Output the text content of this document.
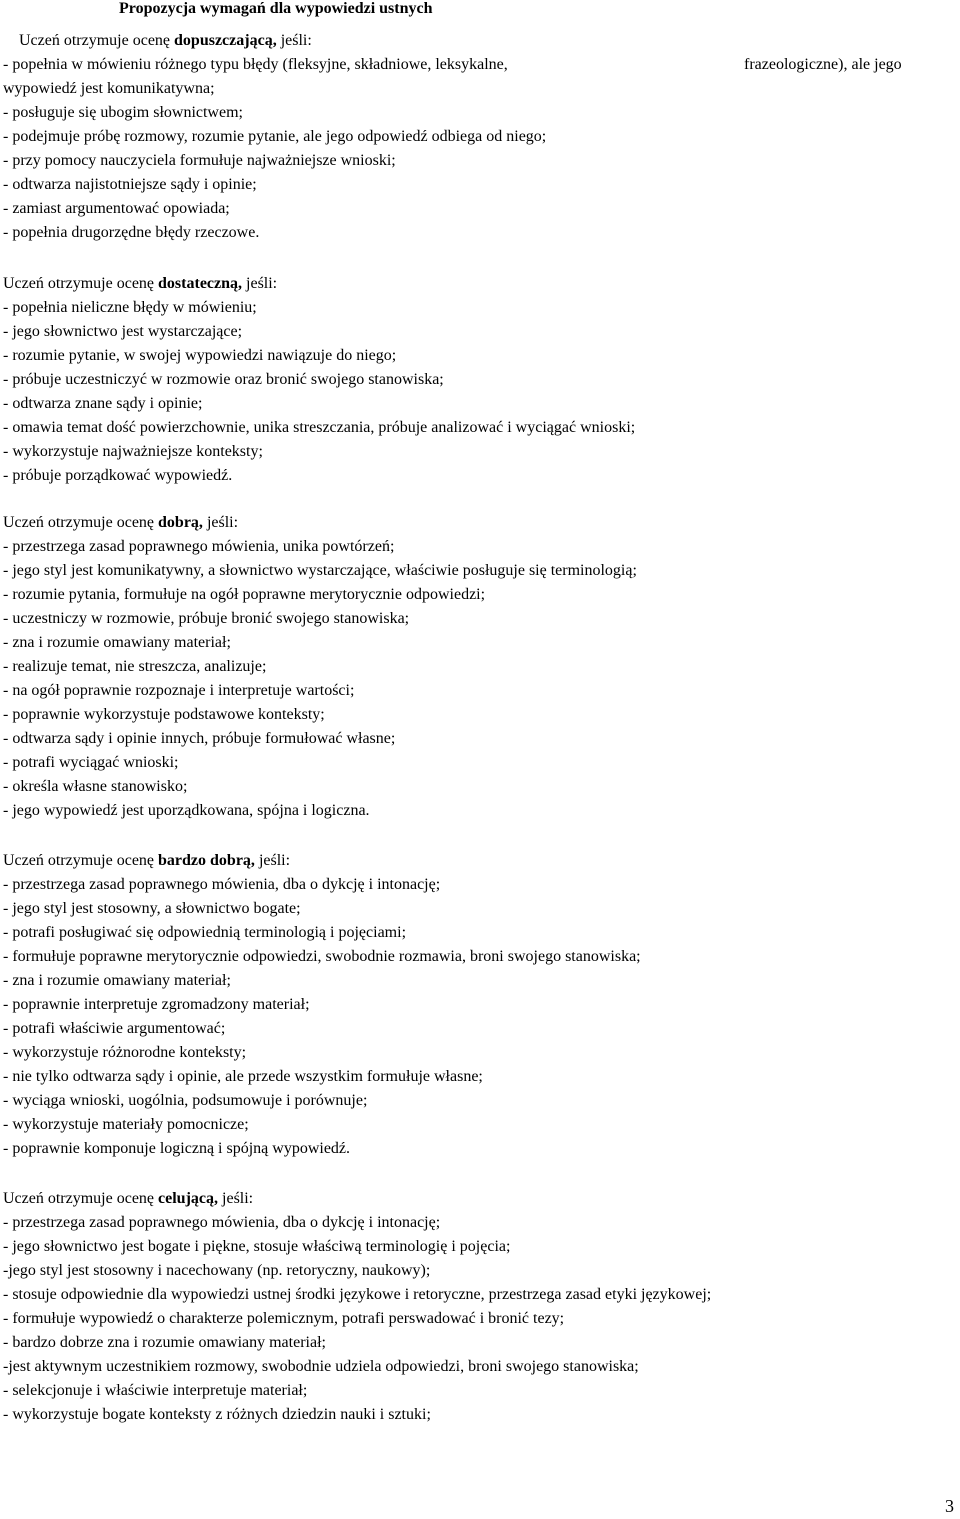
Propozycja wymagań dla wypowiedzi ustnych
Uczeń otrzymuje ocenę dopuszczającą, jeśli:
- popełnia w mówieniu różnego typu błędy (fleksyjne, składniowe, leksykalne,	frazeologiczne), ale jego
wypowiedź jest komunikatywna;
- posługuje się ubogim słownictwem;
- podejmuje próbę rozmowy, rozumie pytanie, ale jego odpowiedź odbiega od niego;
- przy pomocy nauczyciela formułuje najważniejsze wnioski;
- odtwarza najistotniejsze sądy i opinie;
- zamiast argumentować opowiada;
- popełnia drugorzędne błędy rzeczowe.
Uczeń otrzymuje ocenę dostateczną, jeśli:
- popełnia nieliczne błędy w mówieniu;
- jego słownictwo jest wystarczające;
- rozumie pytanie, w swojej wypowiedzi nawiązuje do niego;
- próbuje uczestniczyć w rozmowie oraz bronić swojego stanowiska;
- odtwarza znane sądy i opinie;
- omawia temat dość powierzchownie, unika streszczania, próbuje analizować i wyciągać wnioski;
- wykorzystuje najważniejsze konteksty;
- próbuje porządkować wypowiedź.
Uczeń otrzymuje ocenę dobrą, jeśli:
- przestrzega zasad poprawnego mówienia, unika powtórzeń;
- jego styl jest komunikatywny, a słownictwo wystarczające, właściwie posługuje się terminologią;
- rozumie pytania, formułuje na ogół poprawne merytorycznie odpowiedzi;
- uczestniczy w rozmowie, próbuje bronić swojego stanowiska;
- zna i rozumie omawiany materiał;
- realizuje temat, nie streszcza, analizuje;
- na ogół poprawnie rozpoznaje i interpretuje wartości;
- poprawnie wykorzystuje podstawowe konteksty;
- odtwarza sądy i opinie innych, próbuje formułować własne;
- potrafi wyciągać wnioski;
- określa własne stanowisko;
- jego wypowiedź jest uporządkowana, spójna i logiczna.
Uczeń otrzymuje ocenę bardzo dobrą, jeśli:
- przestrzega zasad poprawnego mówienia, dba o dykcję i intonację;
- jego styl jest stosowny, a słownictwo bogate;
- potrafi posługiwać się odpowiednią terminologią i pojęciami;
- formułuje poprawne merytorycznie odpowiedzi, swobodnie rozmawia, broni swojego stanowiska;
- zna i rozumie omawiany materiał;
- poprawnie interpretuje zgromadzony materiał;
- potrafi właściwie argumentować;
- wykorzystuje różnorodne konteksty;
- nie tylko odtwarza sądy i opinie, ale przede wszystkim formułuje własne;
- wyciąga wnioski, uogólnia, podsumowuje i porównuje;
- wykorzystuje materiały pomocnicze;
- poprawnie komponuje logiczną i spójną wypowiedź.
Uczeń otrzymuje ocenę celującą, jeśli:
- przestrzega zasad poprawnego mówienia, dba o dykcję i intonację;
- jego słownictwo jest bogate i piękne, stosuje właściwą terminologię i pojęcia;
-jego styl jest stosowny i nacechowany (np. retoryczny, naukowy);
- stosuje odpowiednie dla wypowiedzi ustnej środki językowe i retoryczne, przestrzega zasad etyki językowej;
- formułuje wypowiedź o charakterze polemicznym, potrafi perswadować i bronić tezy;
- bardzo dobrze zna i rozumie omawiany materiał;
-jest aktywnym uczestnikiem rozmowy, swobodnie udziela odpowiedzi, broni swojego stanowiska;
- selekcjonuje i właściwie interpretuje materiał;
- wykorzystuje bogate konteksty z różnych dziedzin nauki i sztuki;
3
